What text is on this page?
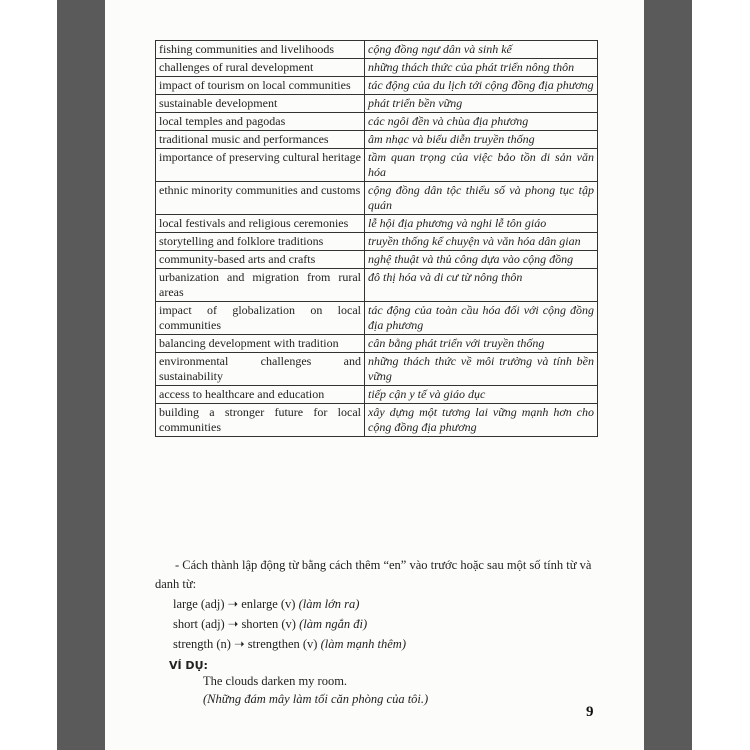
fishing communities and livelihoods	cộng đồng ngư dân và sinh kế
challenges of rural development	những thách thức của phát triển nông thôn
impact of tourism on local communities	tác động của du lịch tới cộng đồng địa phương
sustainable development	phát triển bền vững
local temples and pagodas	các ngôi đền và chùa địa phương
traditional music and performances	âm nhạc và biểu diễn truyền thống
importance of preserving cultural heritage	tầm quan trọng của việc bảo tồn di sản văn hóa
ethnic minority communities and customs	cộng đồng dân tộc thiểu số và phong tục tập quán
local festivals and religious ceremonies	lễ hội địa phương và nghi lễ tôn giáo
storytelling and folklore traditions	truyền thống kể chuyện và văn hóa dân gian
community-based arts and crafts	nghệ thuật và thủ công dựa vào cộng đồng
urbanization and migration from rural areas	đô thị hóa và di cư từ nông thôn
impact of globalization on local communities	tác động của toàn cầu hóa đối với cộng đồng địa phương
balancing development with tradition	cân bằng phát triển với truyền thống
environmental challenges and sustainability	những thách thức về môi trường và tính bền vững
access to healthcare and education	tiếp cận y tế và giáo dục
building a stronger future for local communities	xây dựng một tương lai vững mạnh hơn cho cộng đồng địa phương

- Cách thành lập động từ bằng cách thêm “en” vào trước hoặc sau một số tính từ và danh từ:

large (adj) ➝ enlarge (v) (làm lớn ra)

short (adj) ➝ shorten (v) (làm ngắn đi)

strength (n) ➝ strengthen (v) (làm mạnh thêm)

VÍ DỤ:

The clouds darken my room.

(Những đám mây làm tối căn phòng của tôi.)

9
